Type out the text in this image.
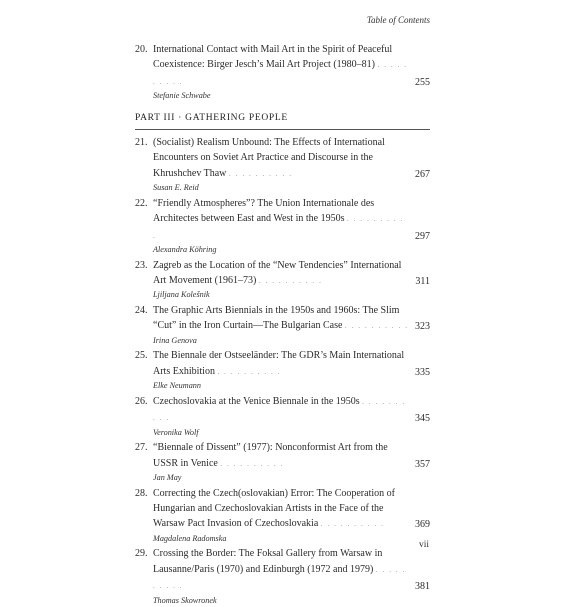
Table of Contents
20. International Contact with Mail Art in the Spirit of Peaceful Coexistence: Birger Jesch’s Mail Art Project (1980–81) . . . . . . . . . .	255
Stefanie Schwabe
PART III · GATHERING PEOPLE
21. (Socialist) Realism Unbound: The Effects of International Encounters on Soviet Art Practice and Discourse in the Khrushchev Thaw . . . . . . . . . .	267
Susan E. Reid
22. “Friendly Atmospheres”? The Union Internationale des Architectes between East and West in the 1950s . . . . . . . . . .	297
Alexandra Köhring
23. Zagreb as the Location of the “New Tendencies” International Art Movement (1961–73) . . . . . . . . . .	311
Ljiljana Kolešnik
24. The Graphic Arts Biennials in the 1950s and 1960s: The Slim “Cut” in the Iron Curtain—The Bulgarian Case . . . . . . . . . . 323
Irina Genova
25. The Biennale der Ostseeländer: The GDR’s Main International Arts Exhibition . . . . . . . . . .	335
Elke Neumann
26. Czechoslovakia at the Venice Biennale in the 1950s . . . . . . . . . .	345
Veronika Wolf
27. “Biennale of Dissent” (1977): Nonconformist Art from the USSR in Venice . . . . . . . . . .	357
Jan May
28. Correcting the Czech(oslovakian) Error: The Cooperation of Hungarian and Czechoslovakian Artists in the Face of the Warsaw Pact Invasion of Czechoslovakia . . . . . . . . . .	369
Magdalena Radomska
29. Crossing the Border: The Foksal Gallery from Warsaw in Lausanne/Paris (1970) and Edinburgh (1972 and 1979) . . . . . . . . . .	381
Thomas Skowronek
vii
